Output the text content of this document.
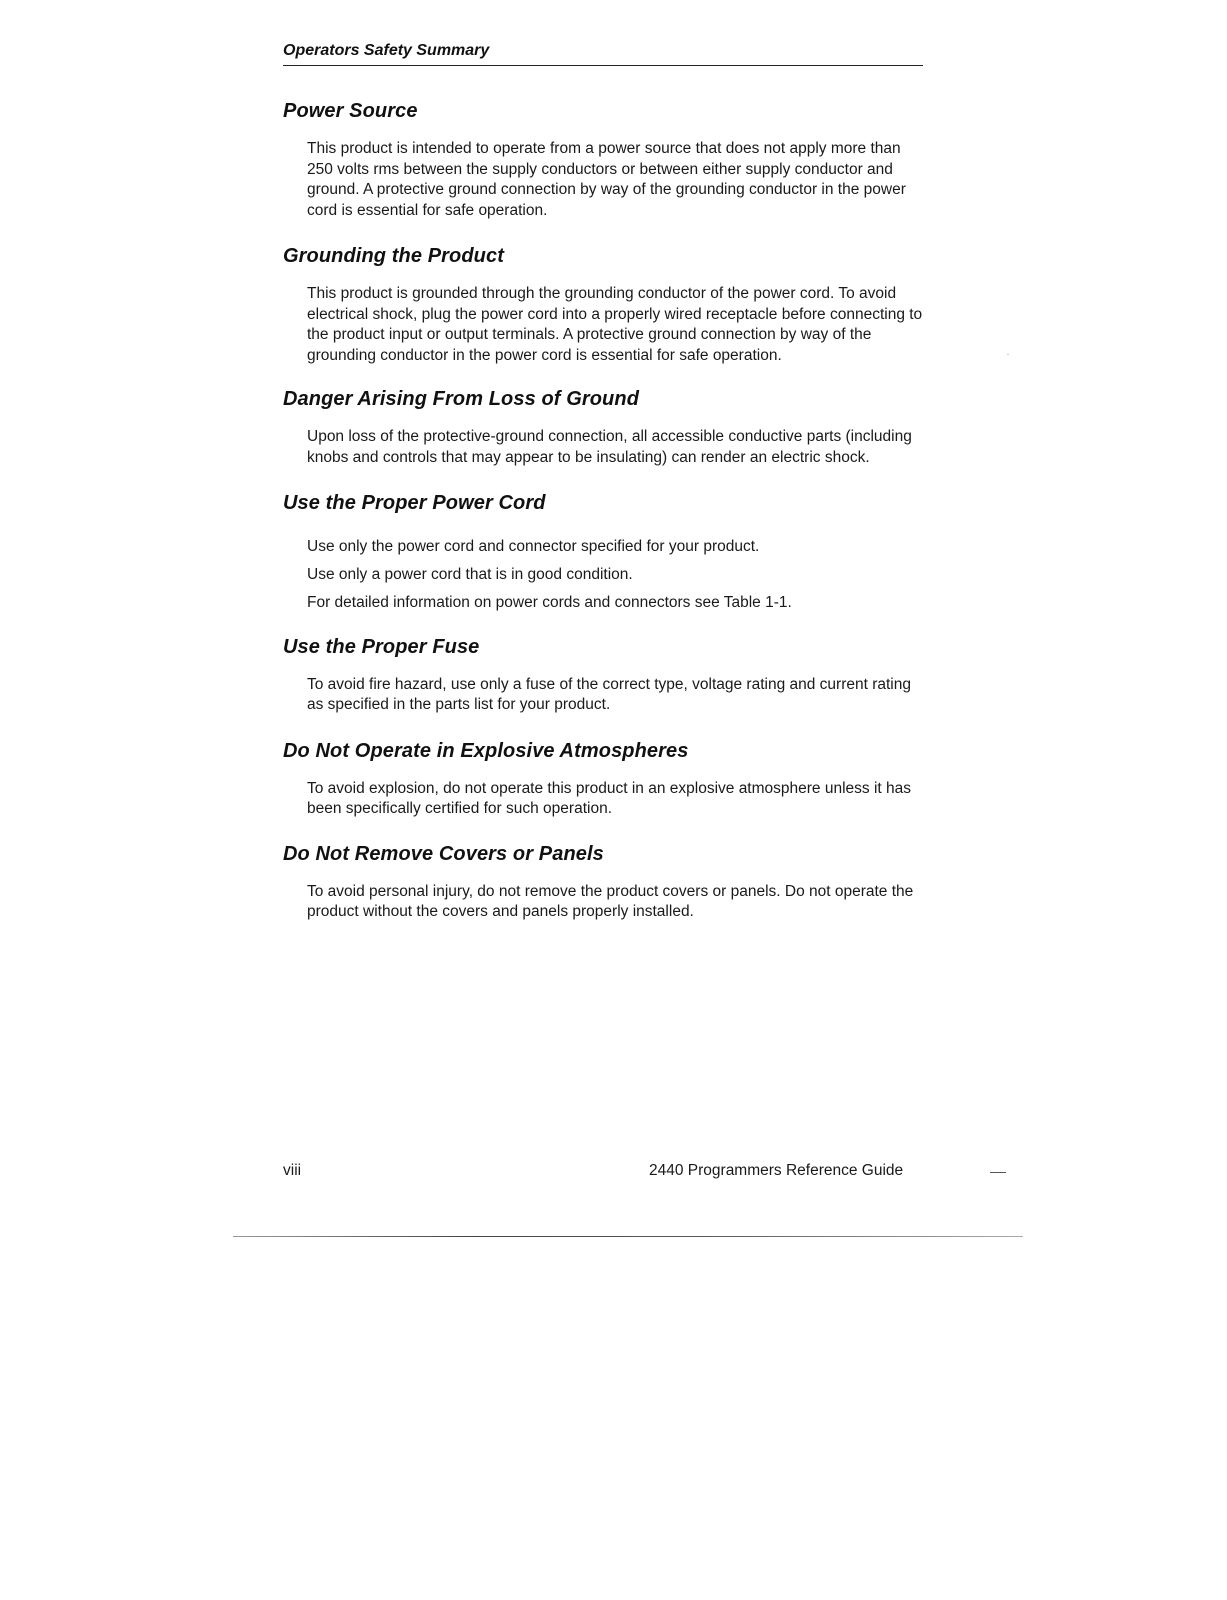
Operators Safety Summary
Power Source

This product is intended to operate from a power source that does not apply more than 250 volts rms between the supply conductors or between either supply conductor and ground. A protective ground connection by way of the grounding conductor in the power cord is essential for safe operation.

Grounding the Product

This product is grounded through the grounding conductor of the power cord. To avoid electrical shock, plug the power cord into a properly wired receptacle before connecting to the product input or output terminals. A protective ground connection by way of the grounding conductor in the power cord is essential for safe operation.

Danger Arising From Loss of Ground

Upon loss of the protective-ground connection, all accessible conductive parts (including knobs and controls that may appear to be insulating) can render an electric shock.

Use the Proper Power Cord

Use only the power cord and connector specified for your product.

Use only a power cord that is in good condition.

For detailed information on power cords and connectors see Table 1-1.

Use the Proper Fuse

To avoid fire hazard, use only a fuse of the correct type, voltage rating and current rating as specified in the parts list for your product.

Do Not Operate in Explosive Atmospheres

To avoid explosion, do not operate this product in an explosive atmosphere unless it has been specifically certified for such operation.

Do Not Remove Covers or Panels

To avoid personal injury, do not remove the product covers or panels. Do not operate the product without the covers and panels properly installed.

viii	2440 Programmers Reference Guide
